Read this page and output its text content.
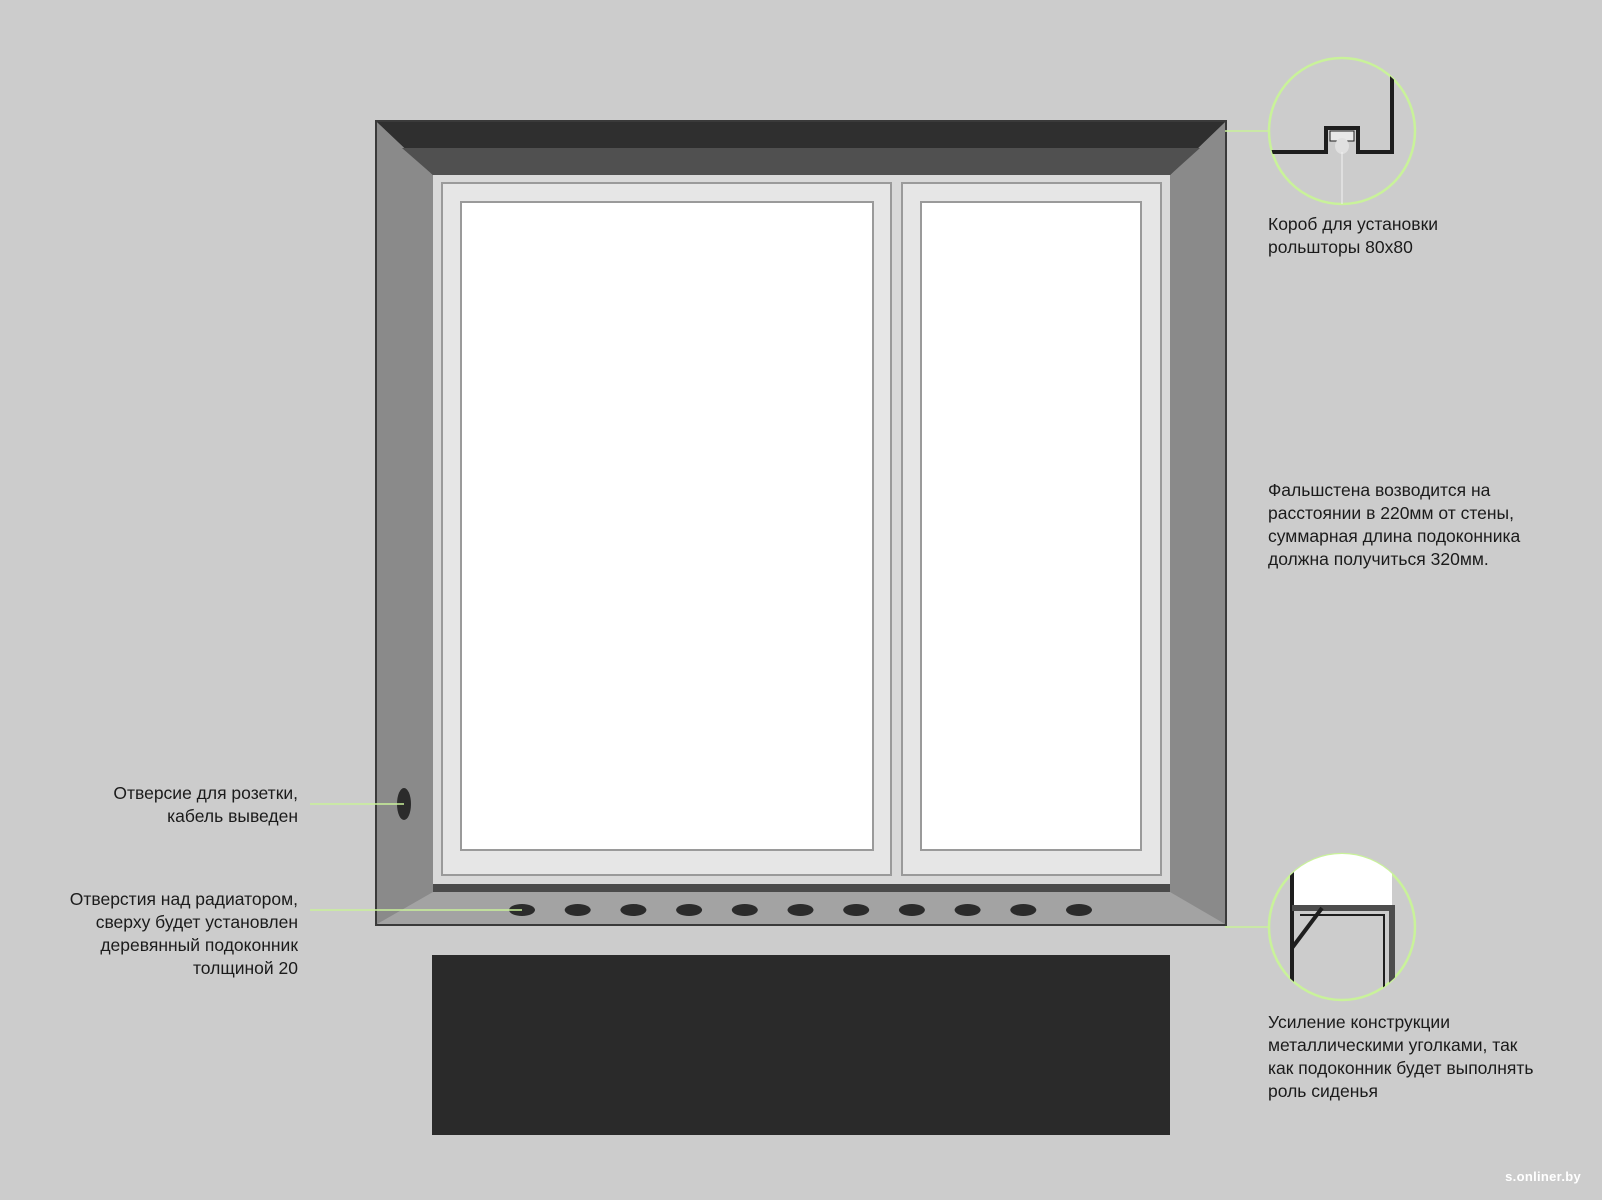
Короб для установки
рольшторы 80х80
Фальшстена возводится на
расстоянии в 220мм от стены,
суммарная длина подоконника
должна получиться 320мм.
Усиление конструкции
металлическими уголками, так
как подоконник будет выполнять
роль сиденья
Отверсие для розетки,
кабель выведен
Отверстия над радиатором,
сверху будет установлен
деревянный подоконник
толщиной 20
s.onliner.by
